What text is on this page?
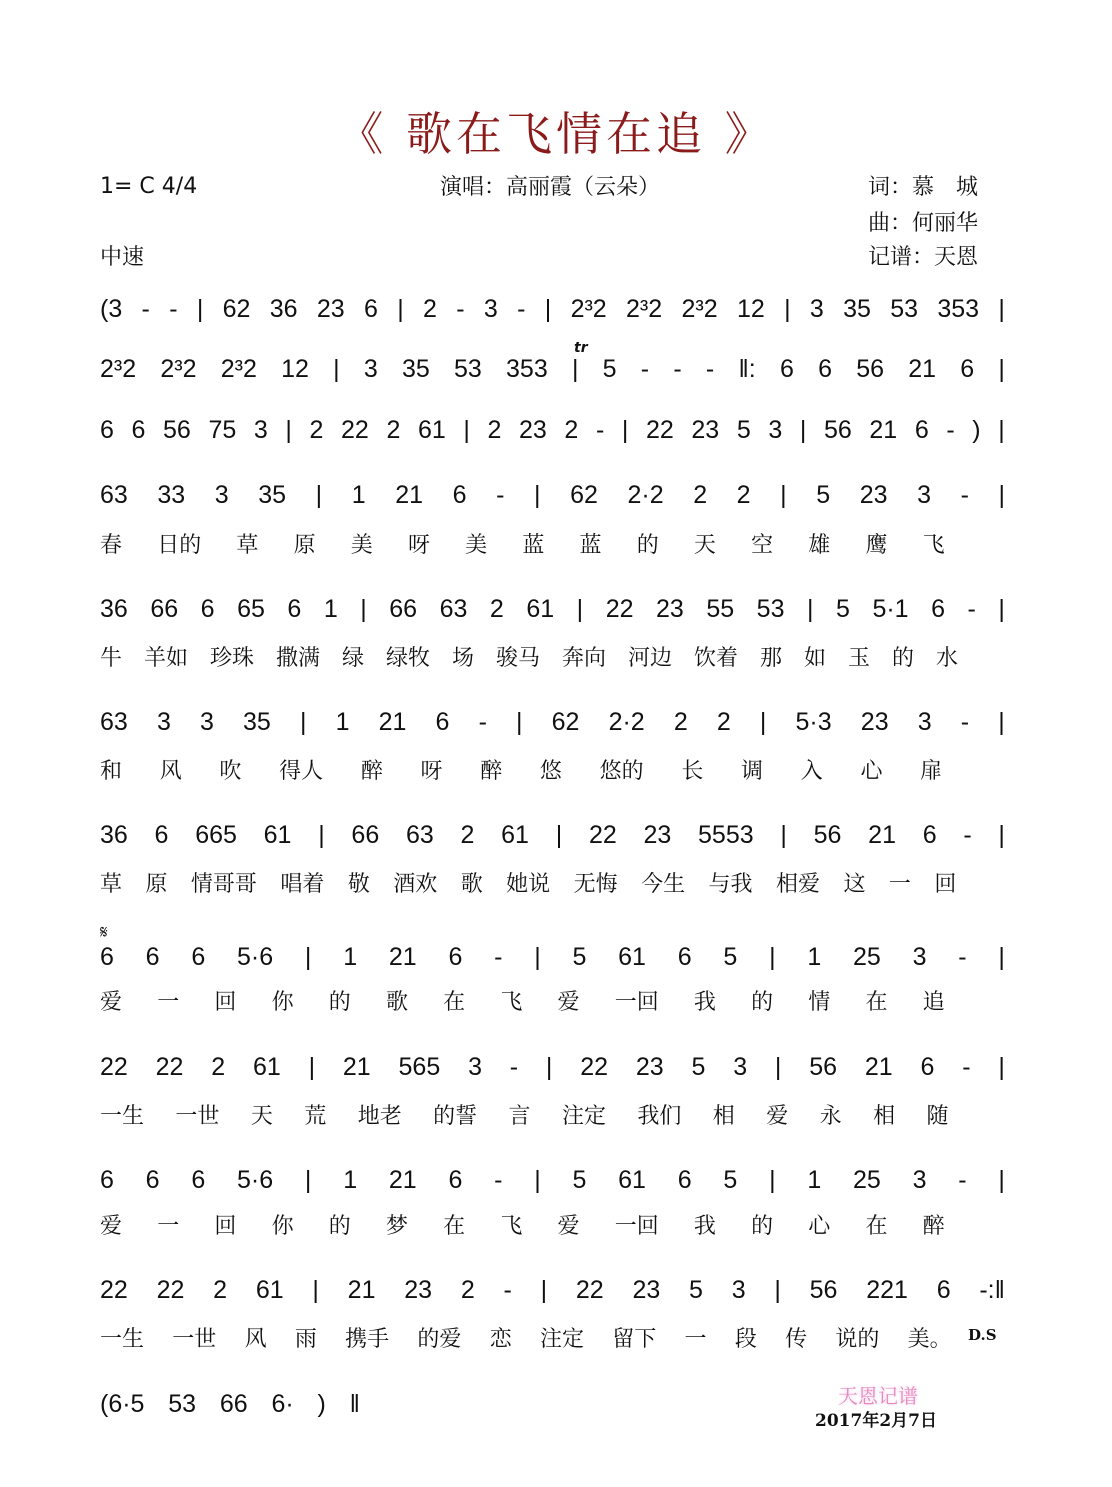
《 歌在飞情在追 》
1= C 4/4	演唱：高丽霞（云朵）	词：慕　城
曲：何丽华
记谱：天恩
中速
tr
𝄋
D.S
(3 - - | 62 36 23 6 | 2 - 3 - | 2³2 2³2 2³2 12 | 3 35 53 353 |
2³2 2³2 2³2 12 | 3 35 53 353 | 5 - - - ‖: 6 6 56 21 6 |
6 6 56 75 3 | 2 22 2 61 | 2 23 2 - | 22 23 5 3 | 56 21 6 - ) |
63 33 3 35 | 1 21 6 - | 62 2·2 2 2 | 5 23 3 - |
春 日的 草 原 美 呀 美 蓝 蓝 的 天 空 雄 鹰 飞
36 66 6 65 6 1 | 66 63 2 61 | 22 23 55 53 | 5 5·1 6 - |
牛 羊如 珍珠 撒满 绿 绿牧 场 骏马 奔向 河边 饮着 那 如 玉 的 水
63 3 3 35 | 1 21 6 - | 62 2·2 2 2 | 5·3 23 3 - |
和 风 吹 得人 醉 呀 醉 悠 悠的 长 调 入 心 扉
36 6 665 61 | 66 63 2 61 | 22 23 5553 | 56 21 6 - |
草 原 情哥哥 唱着 敬 酒欢 歌 她说 无悔 今生 与我 相爱 这 一 回
6 6 6 5·6 | 1 21 6 - | 5 61 6 5 | 1 25 3 - |
爱 一 回 你 的 歌 在 飞 爱 一回 我 的 情 在 追
22 22 2 61 | 21 565 3 - | 22 23 5 3 | 56 21 6 - |
一生 一世 天 荒 地老 的誓 言 注定 我们 相 爱 永 相 随
6 6 6 5·6 | 1 21 6 - | 5 61 6 5 | 1 25 3 - |
爱 一 回 你 的 梦 在 飞 爱 一回 我 的 心 在 醉
22 22 2 61 | 21 23 2 - | 22 23 5 3 | 56 221 6 -:‖
一生 一世 风 雨 携手 的爱 恋 注定 留下 一 段 传 说的 美。
(6·5 53 66 6· ) ‖	天恩记谱
2017年2月7日
